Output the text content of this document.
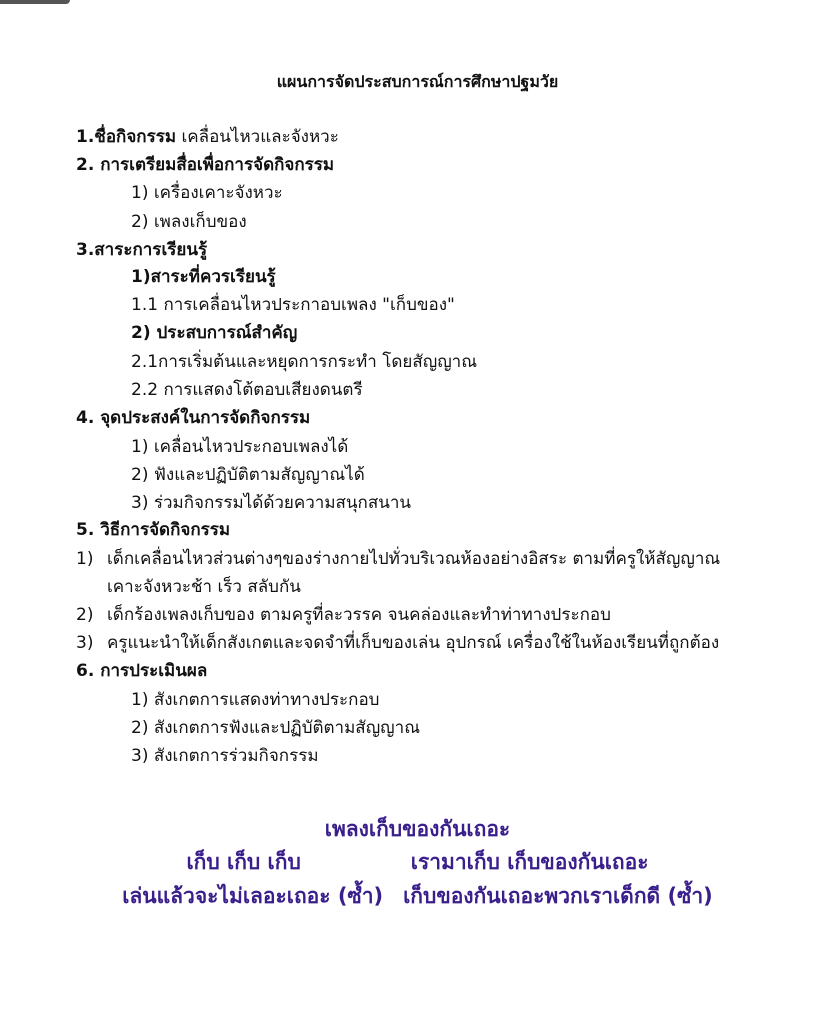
แผนการจัดประสบการณ์การศึกษาปฐมวัย
1.ชื่อกิจกรรม เคลื่อนไหวและจังหวะ
2. การเตรียมสื่อเพื่อการจัดกิจกรรม
1) เครื่องเคาะจังหวะ
2) เพลงเก็บของ
3.สาระการเรียนรู้
1)สาระที่ควรเรียนรู้
1.1 การเคลื่อนไหวประกาอบเพลง "เก็บของ"
2) ประสบการณ์สำคัญ
2.1การเริ่มต้นและหยุดการกระทำ โดยสัญญาณ
2.2 การแสดงโต้ตอบเสียงดนตรี
4. จุดประสงค์ในการจัดกิจกรรม
1) เคลื่อนไหวประกอบเพลงได้
2) ฟังและปฏิบัติตามสัญญาณได้
3) ร่วมกิจกรรมได้ด้วยความสนุกสนาน
5. วิธีการจัดกิจกรรม
1) เด็กเคลื่อนไหวส่วนต่างๆของร่างกายไปทั่วบริเวณห้องอย่างอิสระ ตามที่ครูให้สัญญาณ
เคาะจังหวะช้า เร็ว สลับกัน
2) เด็กร้องเพลงเก็บของ ตามครูที่ละวรรค จนคล่องและทำท่าทางประกอบ
3) ครูแนะนำให้เด็กสังเกตและจดจำที่เก็บของเล่น อุปกรณ์ เครื่องใช้ในห้องเรียนที่ถูกต้อง
6. การประเมินผล
1) สังเกตการแสดงท่าทางประกอบ
2) สังเกตการฟังและปฏิบัติตามสัญญาณ
3) สังเกตการร่วมกิจกรรม
เพลงเก็บของกันเถอะ
เก็บ เก็บ เก็บ	เรามาเก็บ เก็บของกันเถอะ
เล่นแล้วจะไม่เลอะเถอะ (ซ้ำ) เก็บของกันเถอะพวกเราเด็กดี (ซ้ำ)
